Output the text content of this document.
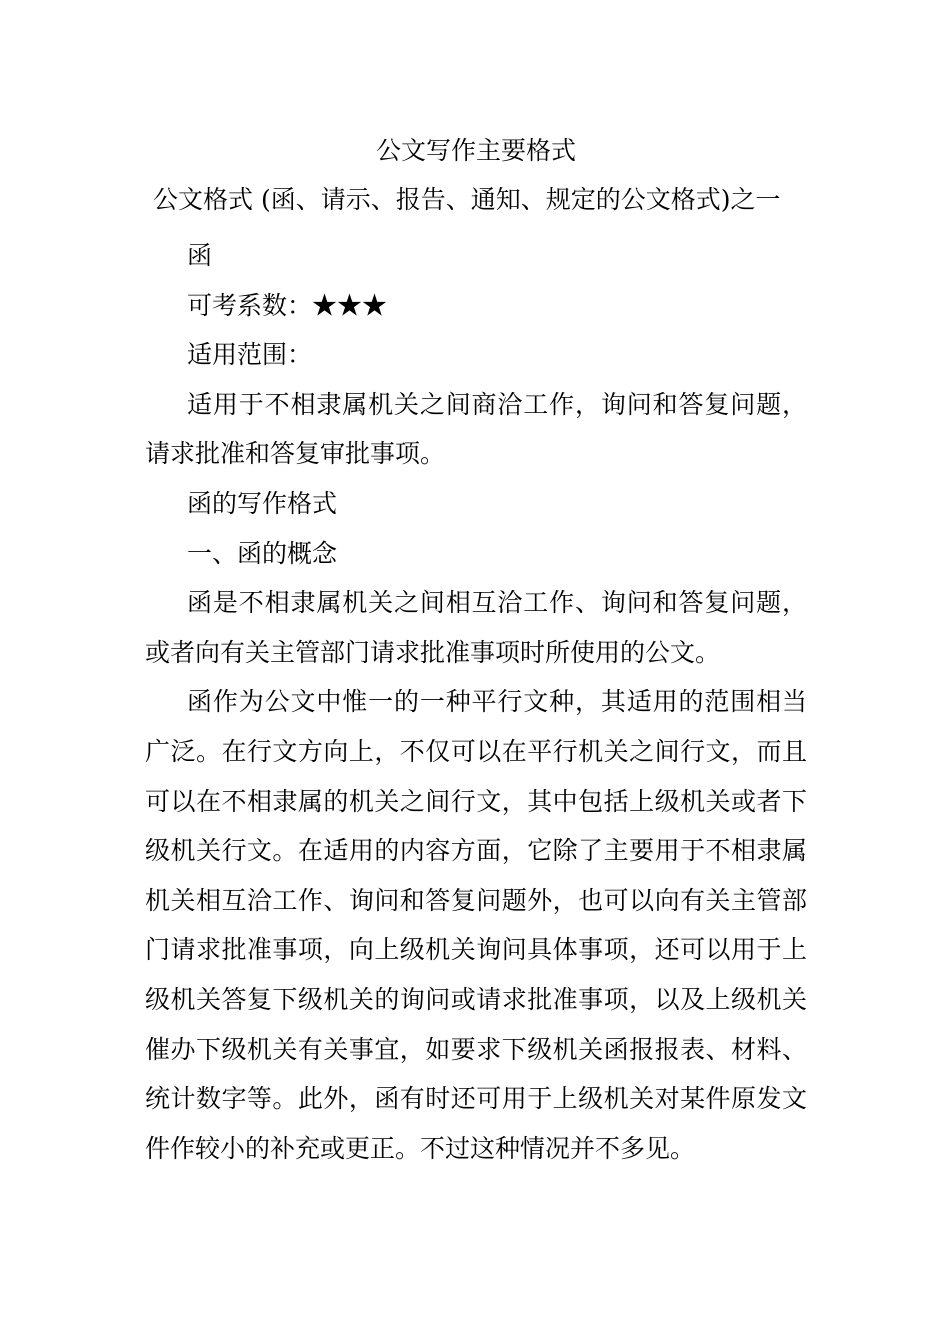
公文写作主要格式
公文格式 (函、请示、报告、通知、规定的公文格式)之一

函

可考系数：★★★

适用范围：

适用于不相隶属机关之间商洽工作，询问和答复问题，请求批准和答复审批事项。

函的写作格式

一、函的概念

函是不相隶属机关之间相互洽工作、询问和答复问题，或者向有关主管部门请求批准事项时所使用的公文。

函作为公文中惟一的一种平行文种，其适用的范围相当广泛。在行文方向上，不仅可以在平行机关之间行文，而且可以在不相隶属的机关之间行文，其中包括上级机关或者下级机关行文。在适用的内容方面，它除了主要用于不相隶属机关相互洽工作、询问和答复问题外，也可以向有关主管部门请求批准事项，向上级机关询问具体事项，还可以用于上级机关答复下级机关的询问或请求批准事项，以及上级机关催办下级机关有关事宜，如要求下级机关函报报表、材料、统计数字等。此外，函有时还可用于上级机关对某件原发文件作较小的补充或更正。不过这种情况并不多见。
